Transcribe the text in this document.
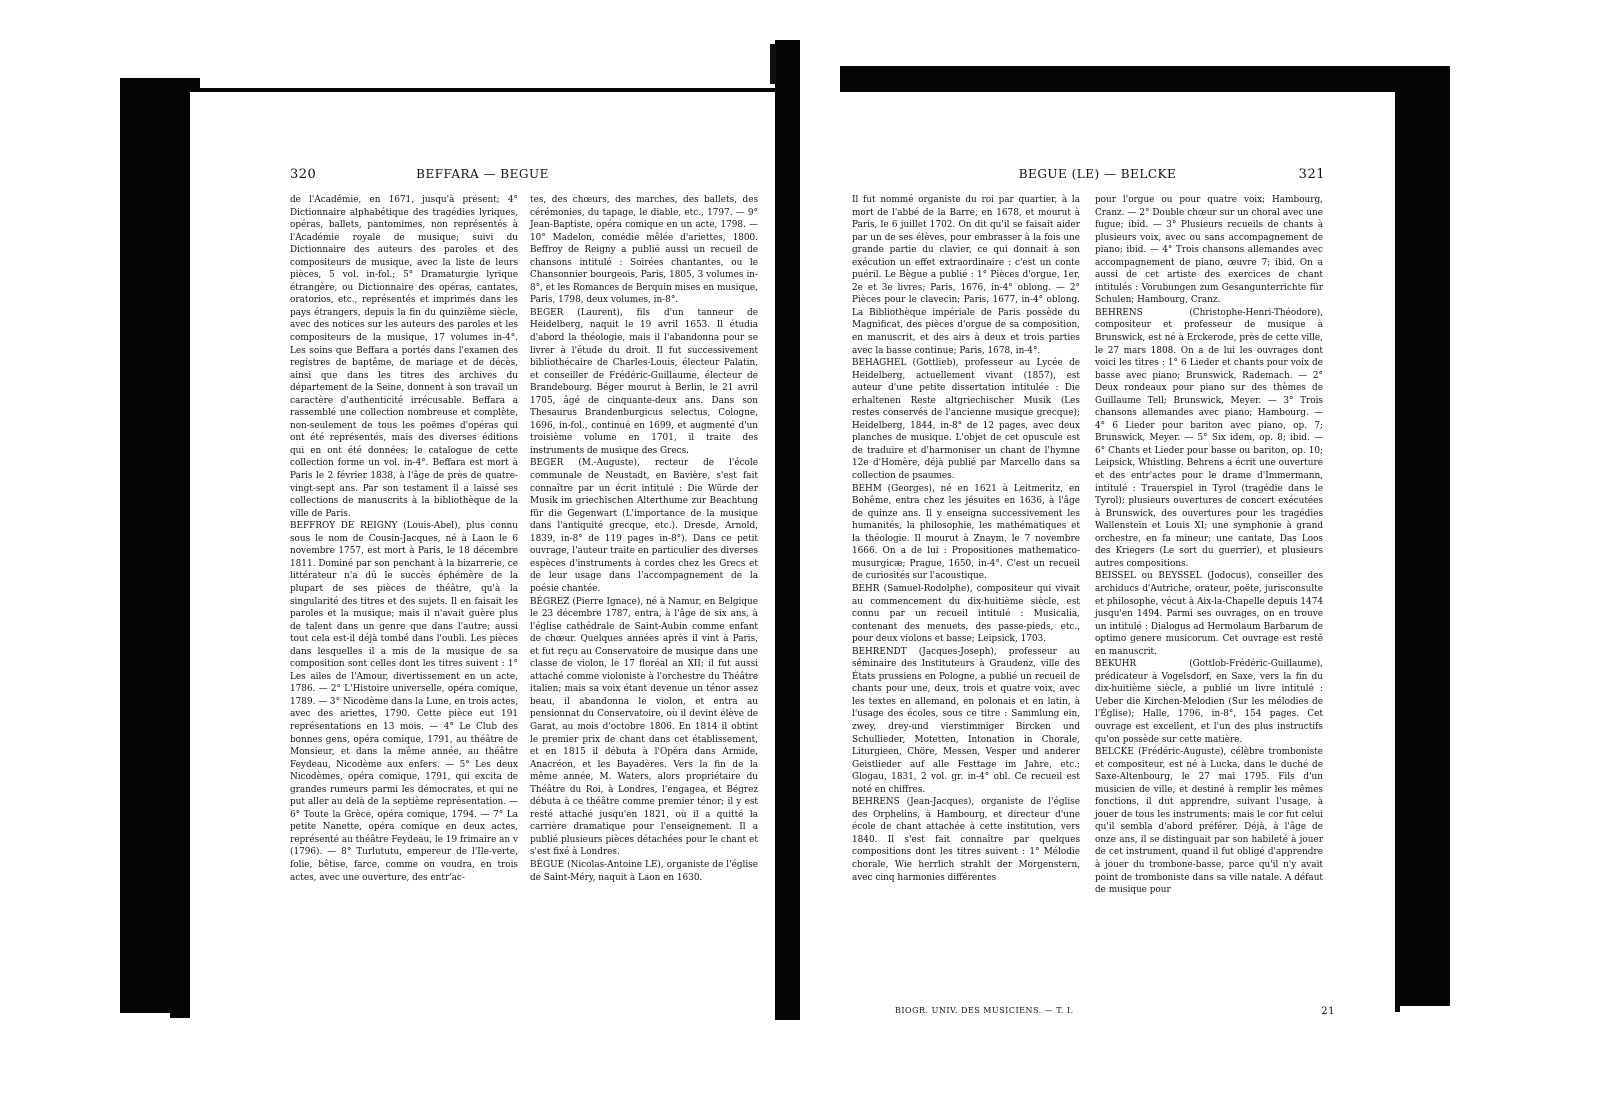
320	BEFFARA — BEGUE

de l'Académie, en 1671, jusqu'à présent; 4° Dictionnaire alphabétique des tragédies lyriques, opéras, ballets, pantomimes, non représentés à l'Académie royale de musique; suivi du Dictionnaire des auteurs des paroles et des compositeurs de musique, avec la liste de leurs pièces, 5 vol. in-fol.; 5° Dramaturgie lyrique étrangère, ou Dictionnaire des opéras, cantates, oratorios, etc., représentés et imprimés dans les pays étrangers, depuis la fin du quinzième siècle, avec des notices sur les auteurs des paroles et les compositeurs de la musique, 17 volumes in-4°. Les soins que Beffara a portés dans l'examen des registres de baptême, de mariage et de décès, ainsi que dans les titres des archives du département de la Seine, donnent à son travail un caractère d'authenticité irrécusable. Beffara a rassemblé une collection nombreuse et complète, non-seulement de tous les poëmes d'opéras qui ont été représentés, mais des diverses éditions qui en ont été données; le catalogue de cette collection forme un vol. in-4°. Beffara est mort à Paris le 2 février 1838, à l'âge de près de quatre-vingt-sept ans. Par son testament il a laissé ses collections de manuscrits à la bibliothèque de la ville de Paris.

BEFFROY DE REIGNY (Louis-Abel), plus connu sous le nom de Cousin-Jacques, né à Laon le 6 novembre 1757, est mort à Paris, le 18 décembre 1811. Dominé par son penchant à la bizarrerie, ce littérateur n'a dû le succès éphémère de la plupart de ses pièces de théâtre, qu'à la singularité des titres et des sujets. Il en faisait les paroles et la musique; mais il n'avait guère plus de talent dans un genre que dans l'autre; aussi tout cela est-il déjà tombé dans l'oubli. Les pièces dans lesquelles il a mis de la musique de sa composition sont celles dont les titres suivent : 1° Les ailes de l'Amour, divertissement en un acte, 1786. — 2° L'Histoire universelle, opéra comique, 1789. — 3° Nicodème dans la Lune, en trois actes, avec des ariettes, 1790. Cette pièce eut 191 représentations en 13 mois. — 4° Le Club des bonnes gens, opéra comique, 1791, au théâtre de Monsieur, et dans la même année, au théâtre Feydeau, Nicodème aux enfers. — 5° Les deux Nicodèmes, opéra comique, 1791, qui excita de grandes rumeurs parmi les démocrates, et qui ne put aller au delà de la septième représentation. — 6° Toute la Grèce, opéra comique, 1794. — 7° La petite Nanette, opéra comique en deux actes, représenté au théâtre Feydeau, le 19 frimaire an v (1796). — 8° Turlututu, empereur de l'Ile-verte, folie, bêtise, farce, comme on voudra, en trois actes, avec une ouverture, des entr'ac-

tes, des chœurs, des marches, des ballets, des cérémonies, du tapage, le diable, etc., 1797. — 9° Jean-Baptiste, opéra comique en un acte, 1798. — 10° Madelon, comédie mêlée d'ariettes, 1800. Beffroy de Reigny a publié aussi un recueil de chansons intitulé : Soirées chantantes, ou le Chansonnier bourgeois, Paris, 1805, 3 volumes in-8°, et les Romances de Berquin mises en musique, Paris, 1798, deux volumes, in-8°.

BEGER (Laurent), fils d'un tanneur de Heidelberg, naquit le 19 avril 1653. Il étudia d'abord la théologie, mais il l'abandonna pour se livrer à l'étude du droit. Il fut successivement bibliothécaire de Charles-Louis, électeur Palatin, et conseiller de Frédéric-Guillaume, électeur de Brandebourg. Béger mourut à Berlin, le 21 avril 1705, âgé de cinquante-deux ans. Dans son Thesaurus Brandenburgicus selectus, Cologne, 1696, in-fol., continué en 1699, et augmenté d'un troisième volume en 1701, il traite des instruments de musique des Grecs.

BEGER (M.-Auguste), recteur de l'école communale de Neustadt, en Bavière, s'est fait connaître par un écrit intitulé : Die Würde der Musik im griechischen Alterthume zur Beachtung für die Gegenwart (L'importance de la musique dans l'antiquité grecque, etc.). Dresde, Arnold, 1839, in-8° de 119 pages in-8°). Dans ce petit ouvrage, l'auteur traite en particulier des diverses espèces d'instruments à cordes chez les Grecs et de leur usage dans l'accompagnement de la poésie chantée.

BÉGREZ (Pierre Ignace), né à Namur, en Belgique le 23 décembre 1787, entra, à l'âge de six ans, à l'église cathédrale de Saint-Aubin comme enfant de chœur. Quelques années après il vint à Paris, et fut reçu au Conservatoire de musique dans une classe de violon, le 17 floréal an XII; il fut aussi attaché comme violoniste à l'orchestre du Théâtre italien; mais sa voix étant devenue un ténor assez beau, il abandonna le violon, et entra au pensionnat du Conservatoire, où il devint élève de Garat, au mois d'octobre 1806. En 1814 il obtint le premier prix de chant dans cet établissement, et en 1815 il débuta à l'Opéra dans Armide, Anacréon, et les Bayadères. Vers la fin de la même année, M. Waters, alors propriétaire du Théâtre du Roi, à Londres, l'engagea, et Bégrez débuta à ce théâtre comme premier ténor; il y est resté attaché jusqu'en 1821, où il a quitté la carrière dramatique pour l'enseignement. Il a publié plusieurs pièces détachées pour le chant et s'est fixé à Londres.

BÈGUE (Nicolas-Antoine LE), organiste de l'église de Saint-Méry, naquit à Laon en 1630.

BEGUE (LE) — BELCKE	321

Il fut nommé organiste du roi par quartier, à la mort de l'abbé de la Barre, en 1678, et mourut à Paris, le 6 juillet 1702. On dit qu'il se faisait aider par un de ses élèves, pour embrasser à la fois une grande partie du clavier, ce qui donnait à son exécution un effet extraordinaire : c'est un conte puéril. Le Bègue a publié : 1° Pièces d'orgue, 1er, 2e et 3e livres; Paris, 1676, in-4° oblong. — 2° Pièces pour le clavecin; Paris, 1677, in-4° oblong. La Bibliothèque impériale de Paris possède du Magnificat, des pièces d'orgue de sa composition, en manuscrit, et des airs à deux et trois parties avec la basse continue; Paris, 1678, in-4°.

BEHAGHEL (Gottlieb), professeur au Lycée de Heidelberg, actuellement vivant (1857), est auteur d'une petite dissertation intitulée : Die erhaltenen Reste altgriechischer Musik (Les restes conservés de l'ancienne musique grecque); Heidelberg, 1844, in-8° de 12 pages, avec deux planches de musique. L'objet de cet opuscule est de traduire et d'harmoniser un chant de l'hymne 12e d'Homère, déjà publié par Marcello dans sa collection de psaumes.

BEHM (Georges), né en 1621 à Leitmeritz, en Bohême, entra chez les jésuites en 1636, à l'âge de quinze ans. Il y enseigna successivement les humanités, la philosophie, les mathématiques et la théologie. Il mourut à Znaym, le 7 novembre 1666. On a de lui : Propositiones mathematico-musurgicæ; Prague, 1650, in-4°. C'est un recueil de curiosités sur l'acoustique.

BEHR (Samuel-Rodolphe), compositeur qui vivait au commencement du dix-huitième siècle, est connu par un recueil intitulé : Musicalia, contenant des menuets, des passe-pieds, etc., pour deux violons et basse; Leipsick, 1703.

BEHRENDT (Jacques-Joseph), professeur au séminaire des Instituteurs à Graudenz, ville des États prussiens en Pologne, a publié un recueil de chants pour une, deux, trois et quatre voix, avec les textes en allemand, en polonais et en latin, à l'usage des écoles, sous ce titre : Sammlung ein, zwey, drey-und vierstimmiger Bircken und Schullieder, Motetten, Intonation in Chorale, Liturgieen, Chöre, Messen, Vesper und anderer Geistlieder auf alle Festtage im Jahre, etc.; Glogau, 1831, 2 vol. gr. in-4° obl. Ce recueil est noté en chiffres.

BEHRENS (Jean-Jacques), organiste de l'église des Orphelins, à Hambourg, et directeur d'une école de chant attachée à cette institution, vers 1840. Il s'est fait connaître par quelques compositions dont les titres suivent : 1° Mélodie chorale, Wie herrlich strahlt der Morgenstern, avec cinq harmonies différentes

pour l'orgue ou pour quatre voix; Hambourg, Cranz. — 2° Double chœur sur un choral avec une fugue; ibid. — 3° Plusieurs recueils de chants à plusieurs voix, avec ou sans accompagnement de piano; ibid. — 4° Trois chansons allemandes avec accompagnement de piano, œuvre 7; ibid. On a aussi de cet artiste des exercices de chant intitulés : Vorubungen zum Gesangunterrichte für Schulen; Hambourg, Cranz.

BEHRENS (Christophe-Henri-Théodore), compositeur et professeur de musique à Brunswick, est né à Erckerode, près de cette ville, le 27 mars 1808. On a de lui les ouvrages dont voici les titres : 1° 6 Lieder et chants pour voix de basse avec piano; Brunswick, Rademach. — 2° Deux rondeaux pour piano sur des thèmes de Guillaume Tell; Brunswick, Meyer. — 3° Trois chansons allemandes avec piano; Hambourg. — 4° 6 Lieder pour bariton avec piano, op. 7; Brunswick, Meyer. — 5° Six idem, op. 8; ibid. — 6° Chants et Lieder pour basse ou bariton, op. 10; Leipsick, Whistling. Behrens a écrit une ouverture et des entr'actes pour le drame d'Immermann, intitulé : Trauerspiel in Tyrol (tragédie dans le Tyrol); plusieurs ouvertures de concert exécutées à Brunswick, des ouvertures pour les tragédies Wallenstein et Louis XI; une symphonie à grand orchestre, en fa mineur; une cantate, Das Loos des Kriegers (Le sort du guerrier), et plusieurs autres compositions.

BEISSEL ou BEYSSEL (Jodocus), conseiller des archiducs d'Autriche, orateur, poëte, jurisconsulte et philosophe, vécut à Aix-la-Chapelle depuis 1474 jusqu'en 1494. Parmi ses ouvrages, on en trouve un intitulé : Dialogus ad Hermolaum Barbarum de optimo genere musicorum. Cet ouvrage est resté en manuscrit.

BEKUHR (Gottlob-Frédéric-Guillaume), prédicateur à Vogelsdorf, en Saxe, vers la fin du dix-huitième siècle, a publié un livre intitulé : Ueber die Kirchen-Melodien (Sur les mélodies de l'Église); Halle, 1796, in-8°, 154 pages. Cet ouvrage est excellent, et l'un des plus instructifs qu'on possède sur cette matière.

BELCKE (Frédéric-Auguste), célèbre tromboniste et compositeur, est né à Lucka, dans le duché de Saxe-Altenbourg, le 27 mai 1795. Fils d'un musicien de ville, et destiné à remplir les mêmes fonctions, il dut apprendre, suivant l'usage, à jouer de tous les instruments; mais le cor fut celui qu'il sembla d'abord préférer. Déjà, à l'âge de onze ans, il se distinguait par son habileté à jouer de cet instrument, quand il fut obligé d'apprendre à jouer du trombone-basse, parce qu'il n'y avait point de tromboniste dans sa ville natale. A défaut de musique pour

BIOGR. UNIV. DES MUSICIENS. — T. I.	21
